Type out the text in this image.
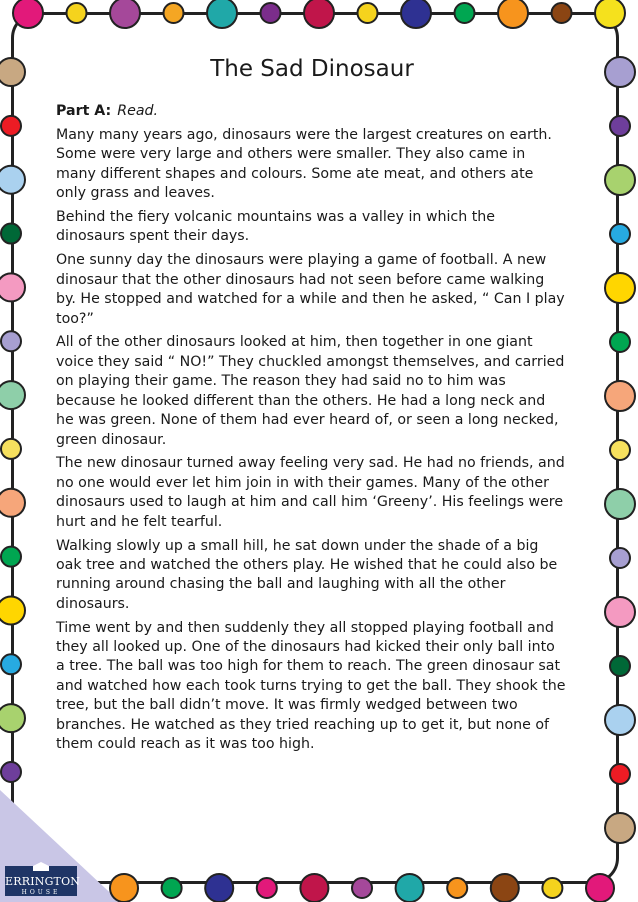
The Sad Dinosaur

Part A: Read.

Many many years ago, dinosaurs were the largest creatures on earth. Some were very large and others were smaller. They also came in many different shapes and colours. Some ate meat, and others ate only grass and leaves.

Behind the fiery volcanic mountains was a valley in which the dinosaurs spent their days.

One sunny day the dinosaurs were playing a game of football. A new dinosaur that the other dinosaurs had not seen before came walking by. He stopped and watched for a while and then he asked, “ Can I play too?”

All of the other dinosaurs looked at him, then together in one giant voice they said “ NO!” They chuckled amongst themselves, and carried on playing their game. The reason they had said no to him was because he looked different than the others. He had a long neck and he was green. None of them had ever heard of, or seen a long necked, green dinosaur.

The new dinosaur turned away feeling very sad. He had no friends, and no one would ever let him join in with their games. Many of the other dinosaurs used to laugh at him and call him ‘Greeny’. His feelings were hurt and he felt tearful.

Walking slowly up a small hill, he sat down under the shade of a big oak tree and watched the others play. He wished that he could also be running around chasing the ball and laughing with all the other dinosaurs.

Time went by and then suddenly they all stopped playing football and they all looked up. One of the dinosaurs had kicked their only ball into a tree. The ball was too high for them to reach. The green dinosaur sat and watched how each took turns trying to get the ball. They shook the tree, but the ball didn’t move. It was firmly wedged between two branches. He watched as they tried reaching up to get it, but none of them could reach as it was too high.

ERRINGTON
HOUSE
